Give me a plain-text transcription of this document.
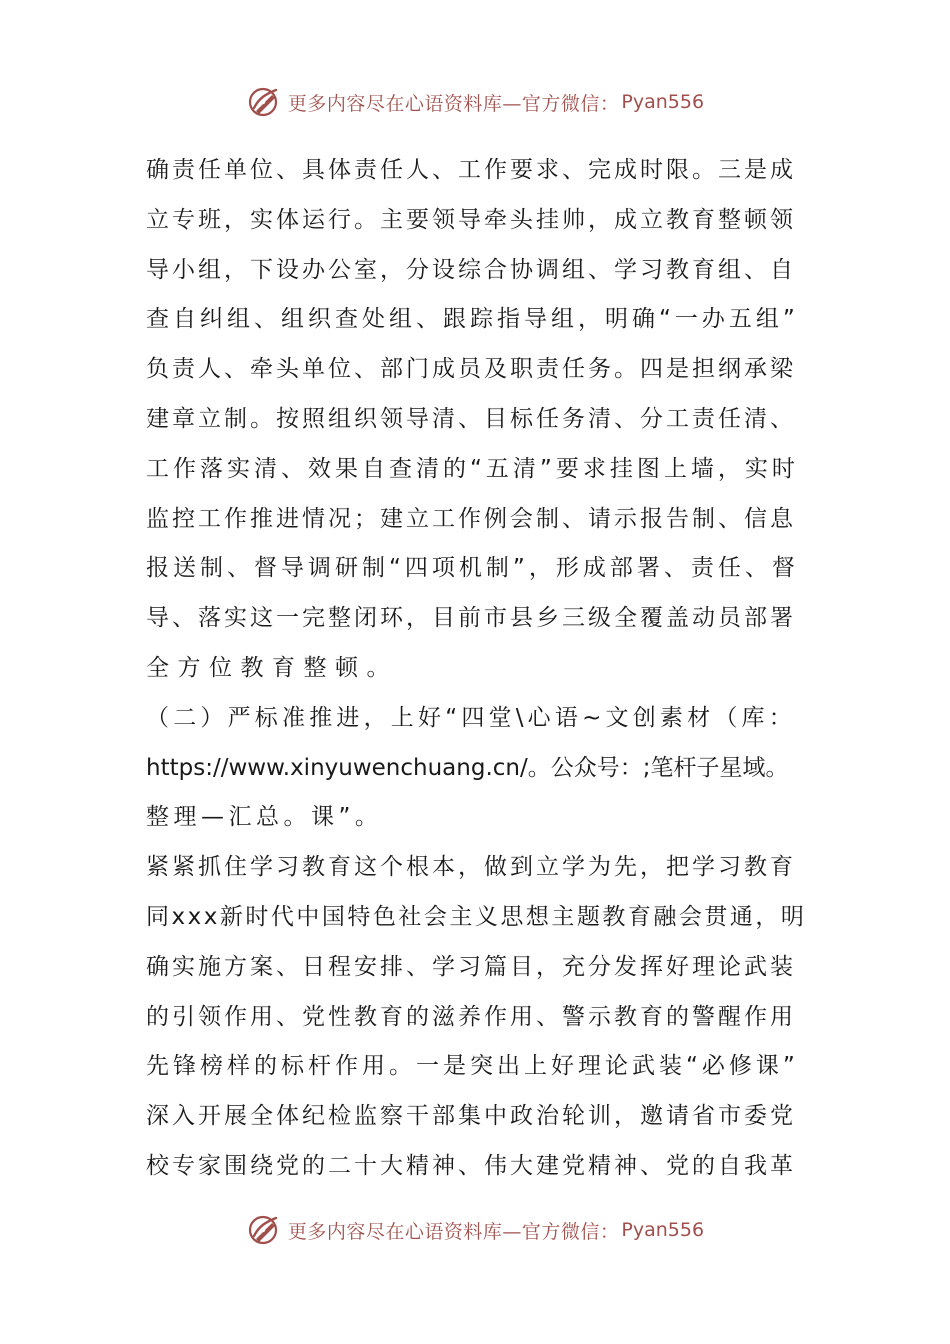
更多内容尽在心语资料库—官方微信： Pyan556
确责任单位、具体责任人、工作要求、完成时限。三是成
立专班，实体运行。主要领导牵头挂帅，成立教育整顿领
导小组，下设办公室，分设综合协调组、学习教育组、自
查自纠组、组织查处组、跟踪指导组，明确“一办五组”
负责人、牵头单位、部门成员及职责任务。四是担纲承梁
建章立制。按照组织领导清、目标任务清、分工责任清、
工作落实清、效果自查清的“五清”要求挂图上墙，实时
监控工作推进情况；建立工作例会制、请示报告制、信息
报送制、督导调研制“四项机制”，形成部署、责任、督
导、落实这一完整闭环，目前市县乡三级全覆盖动员部署
全方位教育整顿。
（二）严标准推进，上好“四堂\心语~文创素材（库：
https://www.xinyuwenchuang.cn/。公众号：;笔杆子星域。
整理—汇总。课”。
紧紧抓住学习教育这个根本，做到立学为先，把学习教育
同xxx新时代中国特色社会主义思想主题教育融会贯通，明
确实施方案、日程安排、学习篇目，充分发挥好理论武装
的引领作用、党性教育的滋养作用、警示教育的警醒作用
先锋榜样的标杆作用。一是突出上好理论武装“必修课”
深入开展全体纪检监察干部集中政治轮训，邀请省市委党
校专家围绕党的二十大精神、伟大建党精神、党的自我革
更多内容尽在心语资料库—官方微信： Pyan556
